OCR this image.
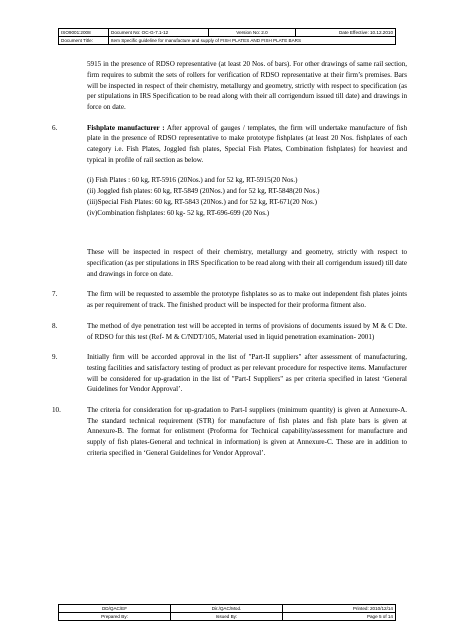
ISO9001:2008	Document No: OC-G-7.1-12	Version No: 2.0	Date Effective: 10.12.2010
Document Title:	Item Specific guideline for manufacture and supply of FISH PLATES AND FISH PLATE BARS		

5915 in the presence of RDSO representative (at least 20 Nos. of bars). For other drawings of same rail section, firm requires to submit the sets of rollers for verification of RDSO representative at their firm’s premises. Bars will be inspected in respect of their chemistry, metallurgy and geometry, strictly with respect to specification (as per stipulations in IRS Specification to be read along with their all corrigendum issued till date) and drawings in force on date.

6.	Fishplate manufacturer : After approval of gauges / templates, the firm will undertake manufacture of fish plate in the presence of RDSO representative to make prototype fishplates (at least 20 Nos. fishplates of each category i.e. Fish Plates, Joggled fish plates, Special Fish Plates, Combination fishplates) for heaviest and typical in profile of rail section as below.
(i) Fish Plates : 60 kg, RT-5916 (20Nos.) and for 52 kg, RT-5915(20 Nos.)
(ii) Joggled fish plates: 60 kg, RT-5849 (20Nos.) and for 52 kg, RT-5848(20 Nos.)
(iii)Special Fish Plates: 60 kg, RT-5843 (20Nos.) and for 52 kg, RT-671(20 Nos.)
(iv)Combination fishplates: 60 kg- 52 kg, RT-696-699 (20 Nos.)

These will be inspected in respect of their chemistry, metallurgy and geometry, strictly with respect to specification (as per stipulations in IRS Specification to be read along with their all corrigendum issued) till date and drawings in force on date.

7.	The firm will be requested to assemble the prototype fishplates so as to make out independent fish plates joints as per requirement of track. The finished product will be inspected for their proforma fitment also.
8.	The method of dye penetration test will be accepted in terms of provisions of documents issued by M & C Dte. of RDSO for this test (Ref- M & C/NDT/105, Material used in liquid penetration examination- 2001)
9.	Initially firm will be accorded approval in the list of "Part-II suppliers" after assessment of manufacturing, testing facilities and satisfactory testing of product as per relevant procedure for respective items. Manufacturer will be considered for up-gradation in the list of "Part-I Suppliers" as per criteria specified in latest ‘General Guidelines for Vendor Approval’.
10.	The criteria for consideration for up-gradation to Part-I suppliers (minimum quantity) is given at Annexure-A. The standard technical requirement (STR) for manufacture of fish plates and fish plate bars is given at Annexure-B. The format for enlistment (Proforma for Technical capability/assessment for manufacture and supply of fish plates-General and technical in information) is given at Annexure-C. These are in addition to criteria specified in ‘General Guidelines for Vendor Approval’.
DD/QAC/EF	Dir./QAC/Mod.	Printed: 2010/12/14
Prepared By:	Issued By:	Page 5 of 14
